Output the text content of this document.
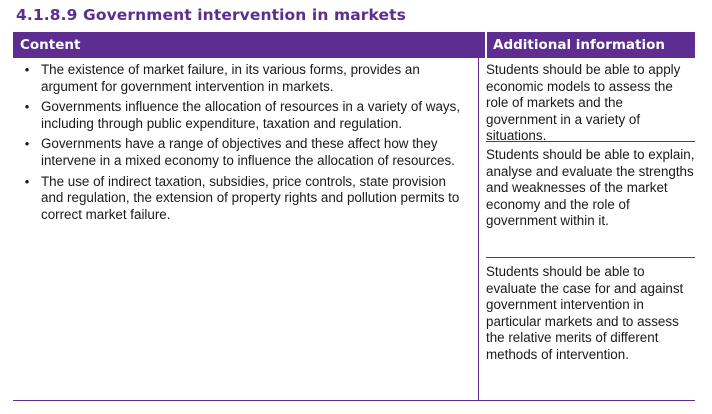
4.1.8.9 Government intervention in markets
Content	Additional information
• The existence of market failure, in its various forms, provides an argument for government intervention in markets.
• Governments influence the allocation of resources in a variety of ways, including through public expenditure, taxation and regulation.
• Governments have a range of objectives and these affect how they intervene in a mixed economy to influence the allocation of resources.
• The use of indirect taxation, subsidies, price controls, state provision and regulation, the extension of property rights and pollution permits to correct market failure.
Students should be able to apply economic models to assess the role of markets and the government in a variety of situations.
Students should be able to explain, analyse and evaluate the strengths and weaknesses of the market economy and the role of government within it.
Students should be able to evaluate the case for and against government intervention in particular markets and to assess the relative merits of different methods of intervention.
